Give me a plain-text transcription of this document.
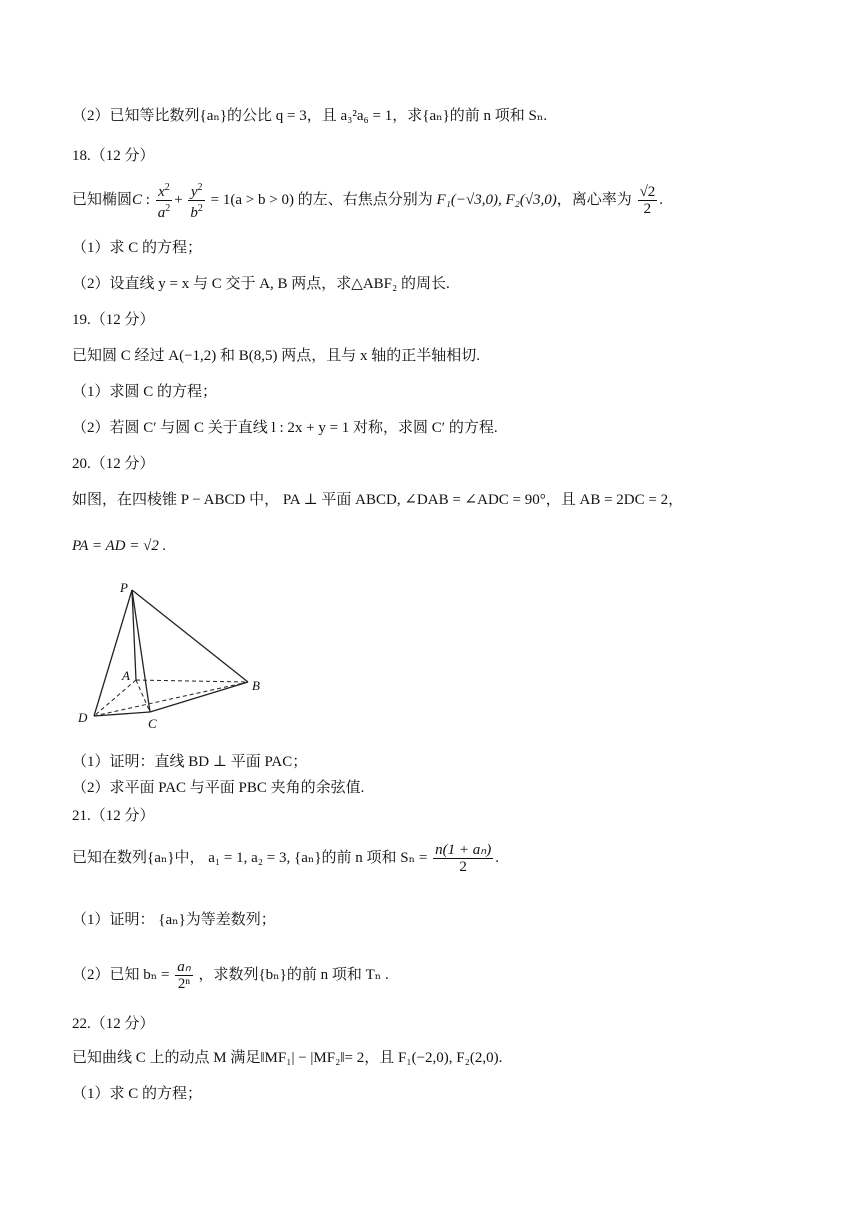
（2）已知等比数列{aₙ}的公比 q = 3，且 a₃²a₆ = 1，求{aₙ}的前 n 项和 Sₙ.
18.（12 分）
已知椭圆C : $\frac{x^2}{a^2} + \frac{y^2}{b^2} = 1(a > b > 0)$ 的左、右焦点分别为 F₁(−√3,0), F₂(√3,0)，离心率为 $\frac{√2}{2}$ .
（1）求 C 的方程；
（2）设直线 y = x 与 C 交于 A, B 两点，求△ABF₂ 的周长.
19.（12 分）
已知圆 C 经过 A(−1,2) 和 B(8,5) 两点，且与 x 轴的正半轴相切.
（1）求圆 C 的方程；
（2）若圆 C′ 与圆 C 关于直线 l : 2x + y = 1 对称，求圆 C′ 的方程.
20.（12 分）
如图，在四棱锥 P − ABCD 中， PA ⊥ 平面 ABCD, ∠DAB = ∠ADC = 90°，且 AB = 2DC = 2，
PA = AD = √2 .
P
A
B
C
D
（1）证明：直线 BD ⊥ 平面 PAC；
（2）求平面 PAC 与平面 PBC 夹角的余弦值.
21.（12 分）
已知在数列{aₙ}中， a₁ = 1, a₂ = 3, {aₙ}的前 n 项和 $S_n = \frac{\text{n(1 + aₙ)}}{2}$ .
（1）证明： {aₙ}为等差数列；
（2）已知 $b_n = \frac{\text{aₙ}}{\text{2ⁿ}}$ ，求数列{bₙ}的前 n 项和 Tₙ .
22.（12 分）
已知曲线 C 上的动点 M 满足‖MF₁| − |MF₂‖= 2，且 F₁(−2,0), F₂(2,0).
（1）求 C 的方程；
